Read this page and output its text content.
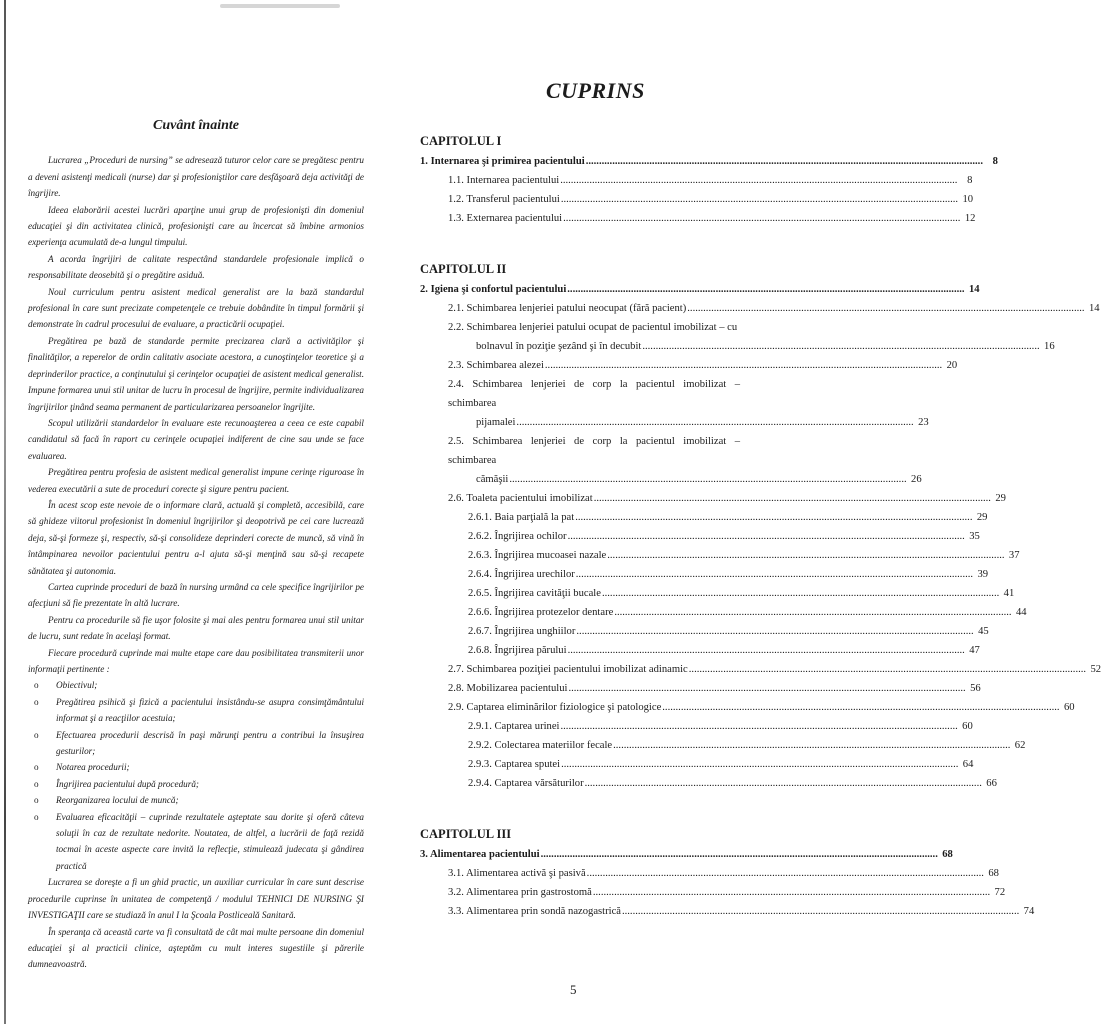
Cuvânt înainte

Lucrarea „Proceduri de nursing” se adresează tuturor celor care se pregătesc pentru a deveni asistenţi medicali (nurse) dar şi profesioniştilor care desfăşoară deja activităţi de îngrijire.

Ideea elaborării acestei lucrări aparţine unui grup de profesionişti din domeniul educaţiei şi din activitatea clinică, profesionişti care au încercat să îmbine armonios experienţa acumulată de-a lungul timpului.

A acorda îngrijiri de calitate respectând standardele profesionale implică o responsabilitate deosebită şi o pregătire asiduă.

Noul curriculum pentru asistent medical generalist are la bază standardul profesional în care sunt precizate competenţele ce trebuie dobândite în timpul formării şi demonstrate în cadrul procesului de evaluare, a practicării ocupaţiei.

Pregătirea pe bază de standarde permite precizarea clară a activităţilor şi finalităţilor, a reperelor de ordin calitativ asociate acestora, a cunoştinţelor teoretice şi a deprinderilor practice, a conţinutului şi cerinţelor ocupaţiei de asistent medical generalist. Impune formarea unui stil unitar de lucru în procesul de îngrijire, permite individualizarea îngrijirilor ţinând seama permanent de particularizarea persoanelor îngrijite.

Scopul utilizării standardelor în evaluare este recunoaşterea a ceea ce este capabil candidatul să facă în raport cu cerinţele ocupaţiei indiferent de cine sau unde se face evaluarea.

Pregătirea pentru profesia de asistent medical generalist impune cerinţe riguroase în vederea executării a sute de proceduri corecte şi sigure pentru pacient.

În acest scop este nevoie de o informare clară, actuală şi completă, accesibilă, care să ghideze viitorul profesionist în domeniul îngrijirilor şi deopotrivă pe cei care lucrează deja, să-şi formeze şi, respectiv, să-şi consolideze deprinderi corecte de muncă, să vină în întâmpinarea nevoilor pacientului pentru a-l ajuta să-şi menţină sau să-şi recapete sănătatea şi autonomia.

Cartea cuprinde proceduri de bază în nursing urmând ca cele specifice îngrijirilor pe afecţiuni să fie prezentate în altă lucrare.

Pentru ca procedurile să fie uşor folosite şi mai ales pentru formarea unui stil unitar de lucru, sunt redate în acelaşi format.

Fiecare procedură cuprinde mai multe etape care dau posibilitatea transmiterii unor informaţii pertinente :

o Obiectivul;
o Pregătirea psihică şi fizică a pacientului insistându-se asupra consimţământului informat şi a reacţiilor acestuia;
o Efectuarea procedurii descrisă în paşi mărunţi pentru a contribui la însuşirea gesturilor;
o Notarea procedurii;
o Îngrijirea pacientului după procedură;
o Reorganizarea locului de muncă;
o Evaluarea eficacităţii – cuprinde rezultatele aşteptate sau dorite şi oferă câteva soluţii în caz de rezultate nedorite. Noutatea, de altfel, a lucrării de faţă rezidă tocmai în aceste aspecte care invită la reflecţie, stimulează judecata şi gândirea practică

Lucrarea se doreşte a fi un ghid practic, un auxiliar curricular în care sunt descrise procedurile cuprinse în unitatea de competenţă / modulul TEHNICI DE NURSING ŞI INVESTIGAŢII care se studiază în anul I la Şcoala Postliceală Sanitară.

În speranţa că această carte va fi consultată de cât mai multe persoane din domeniul educaţiei şi al practicii clinice, aşteptăm cu mult interes sugestiile şi părerile dumneavoastră.

CUPRINS
CAPITOLUL I
1. Internarea şi primirea pacientului .....	8
1.1. Internarea pacientului .....	8
1.2. Transferul pacientului .....	10
1.3. Externarea pacientului .....	12
CAPITOLUL II
2. Igiena şi confortul pacientului .....	14
2.1. Schimbarea lenjeriei patului neocupat (fără pacient) .....	14
2.2. Schimbarea lenjeriei patului ocupat de pacientul imobilizat – cu
bolnavul în poziţie şezând şi în decubit .....	16
2.3. Schimbarea alezei .....	20
2.4. Schimbarea lenjeriei de corp la pacientul imobilizat – schimbarea
pijamalei .....	23
2.5. Schimbarea lenjeriei de corp la pacientul imobilizat – schimbarea
cămăşii .....	26
2.6. Toaleta pacientului imobilizat .....	29
2.6.1. Baia parţială la pat .....	29
2.6.2. Îngrijirea ochilor .....	35
2.6.3. Îngrijirea mucoasei nazale .....	37
2.6.4. Îngrijirea urechilor .....	39
2.6.5. Îngrijirea cavităţii bucale .....	41
2.6.6. Îngrijirea protezelor dentare .....	44
2.6.7. Îngrijirea unghiilor .....	45
2.6.8. Îngrijirea părului .....	47
2.7. Schimbarea poziţiei pacientului imobilizat adinamic .....	52
2.8. Mobilizarea pacientului .....	56
2.9. Captarea eliminărilor fiziologice şi patologice .....	60
2.9.1. Captarea urinei .....	60
2.9.2. Colectarea materiilor fecale .....	62
2.9.3. Captarea sputei .....	64
2.9.4. Captarea vărsăturilor .....	66
CAPITOLUL III
3. Alimentarea pacientului .....	68
3.1. Alimentarea activă şi pasivă .....	68
3.2. Alimentarea prin gastrostomă .....	72
3.3. Alimentarea prin sondă nazogastrică .....	74
5
